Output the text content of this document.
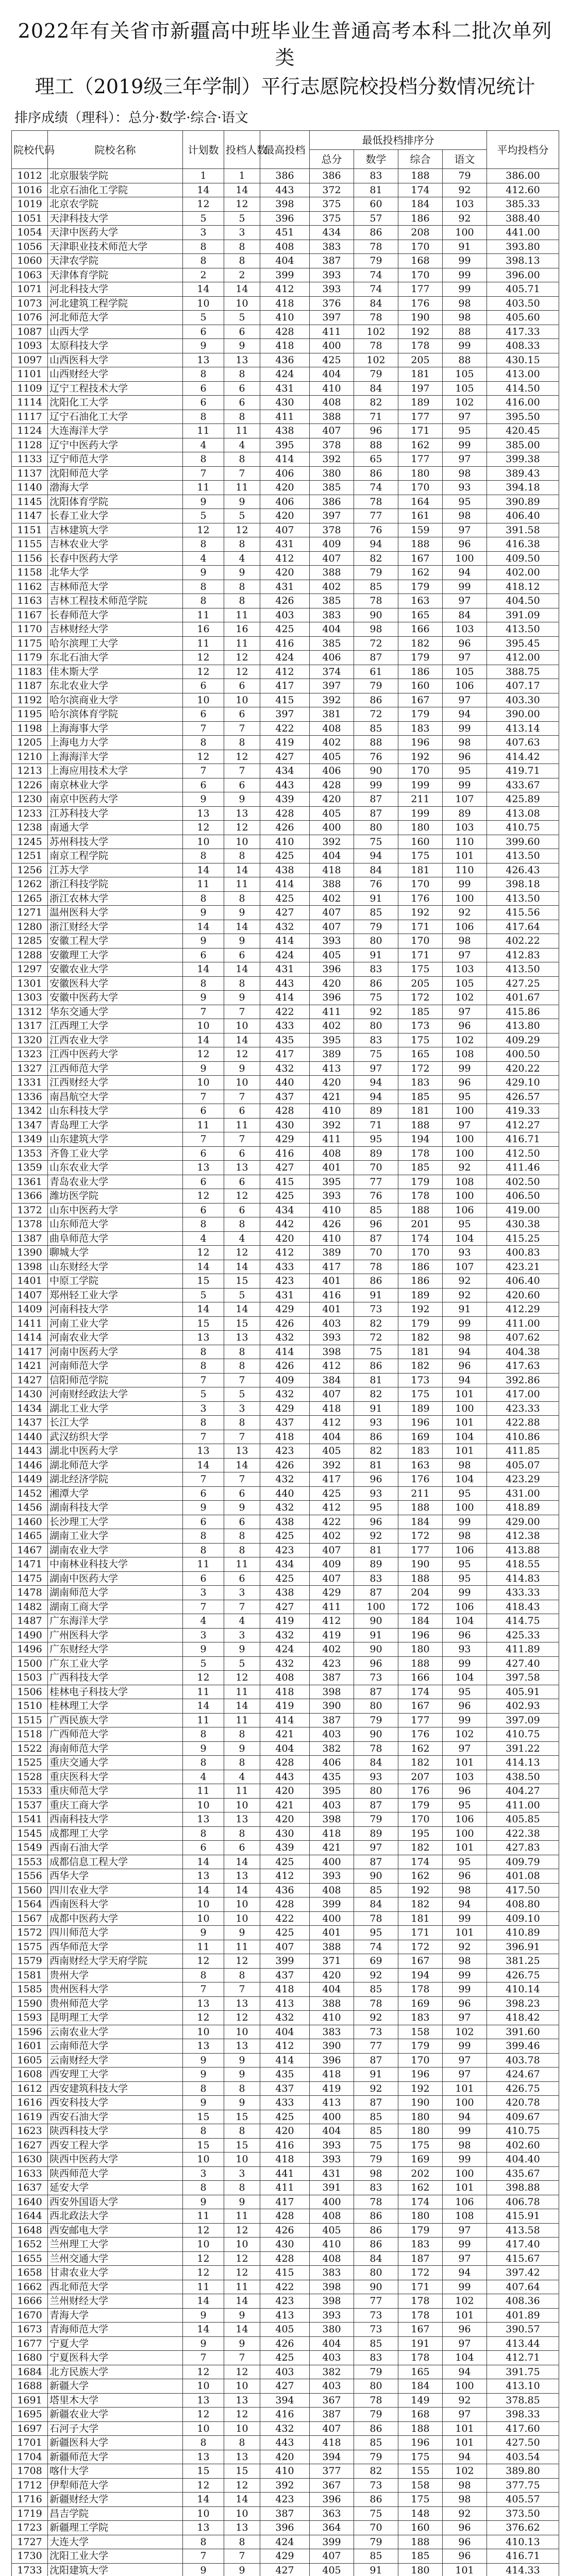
2022年有关省市新疆高中班毕业生普通高考本科二批次单列类
理工（2019级三年学制）平行志愿院校投档分数情况统计
排序成绩（理科）：总分·数学·综合·语文
院校代码	院校名称	计划数	投档人数	最高投档	最低投档排序分				平均投档分
					总分	数学	综合	语文	
1012	北京服装学院	1	1	386	386	83	188	79	386.00
1016	北京石油化工学院	14	14	443	372	81	174	92	412.60
1019	北京农学院	12	12	398	375	60	184	103	385.33
1051	天津科技大学	5	5	396	375	57	186	92	388.40
1054	天津中医药大学	3	3	451	434	86	208	100	441.00
1056	天津职业技术师范大学	8	8	408	383	78	170	91	393.80
1060	天津农学院	8	8	404	387	79	168	99	398.13
1063	天津体育学院	2	2	399	393	74	170	99	396.00
1071	河北科技大学	14	14	412	393	74	177	99	405.71
1073	河北建筑工程学院	10	10	418	376	84	176	98	403.50
1076	河北师范大学	5	5	410	397	78	190	98	405.60
1087	山西大学	6	6	428	411	102	192	88	417.33
1093	太原科技大学	9	9	418	400	78	178	99	408.33
1097	山西医科大学	13	13	436	425	102	205	88	430.15
1101	山西财经大学	8	8	424	404	79	181	105	413.00
1109	辽宁工程技术大学	6	6	431	410	84	197	105	414.50
1114	沈阳化工大学	6	6	430	408	82	189	102	416.00
1117	辽宁石油化工大学	8	8	411	388	71	177	97	395.50
1124	大连海洋大学	11	11	438	407	96	171	95	420.45
1128	辽宁中医药大学	4	4	395	378	88	162	99	385.00
1133	辽宁师范大学	8	8	414	392	65	177	97	399.38
1137	沈阳师范大学	7	7	406	380	86	180	98	389.43
1140	渤海大学	11	11	420	385	74	170	93	394.18
1145	沈阳体育学院	9	9	406	386	78	164	95	390.89
1147	长春工业大学	5	5	420	397	77	161	98	406.40
1151	吉林建筑大学	12	12	407	378	76	159	97	391.58
1155	吉林农业大学	8	8	431	409	94	188	96	416.38
1156	长春中医药大学	4	4	412	407	82	167	100	409.50
1158	北华大学	9	9	420	388	79	162	94	402.00
1162	吉林师范大学	8	8	431	402	85	179	99	418.12
1163	吉林工程技术师范学院	8	8	426	385	78	163	97	404.50
1167	长春师范大学	11	11	403	383	90	165	84	391.09
1170	吉林财经大学	16	16	425	404	98	166	103	413.50
1175	哈尔滨理工大学	11	11	416	385	72	182	96	395.45
1179	东北石油大学	12	12	424	406	87	179	97	412.00
1183	佳木斯大学	12	12	412	374	61	186	105	388.75
1187	东北农业大学	6	6	417	397	79	160	106	407.17
1192	哈尔滨商业大学	10	10	415	392	86	167	97	403.30
1195	哈尔滨体育学院	6	6	397	381	72	179	94	390.00
1198	上海海事大学	7	7	422	408	85	183	99	413.14
1205	上海电力大学	8	8	419	402	88	196	98	407.63
1210	上海海洋大学	12	12	427	405	76	192	96	414.42
1213	上海应用技术大学	7	7	434	406	90	170	95	419.71
1226	南京林业大学	6	6	443	428	99	199	99	433.67
1230	南京中医药大学	9	9	439	420	87	211	107	425.89
1233	江苏科技大学	13	13	428	405	87	199	89	413.08
1238	南通大学	12	12	426	400	80	180	103	410.75
1245	苏州科技大学	10	10	410	392	75	160	110	399.60
1251	南京工程学院	8	8	425	404	94	175	101	413.50
1256	江苏大学	14	14	438	418	84	181	110	426.43
1262	浙江科技学院	11	11	414	388	76	170	99	398.18
1265	浙江农林大学	8	8	425	402	91	176	100	413.50
1271	温州医科大学	9	9	427	407	85	192	92	415.56
1280	浙江财经大学	14	14	432	407	79	171	106	417.64
1285	安徽工程大学	9	9	414	393	80	170	98	402.22
1288	安徽理工大学	6	6	424	405	91	171	97	412.83
1297	安徽农业大学	14	14	431	396	83	175	103	413.50
1301	安徽医科大学	8	8	443	420	86	205	105	427.25
1303	安徽中医药大学	9	9	414	396	75	172	102	401.67
1312	华东交通大学	7	7	422	411	92	185	97	415.86
1317	江西理工大学	10	10	433	402	80	173	96	413.80
1320	江西农业大学	14	14	435	395	83	175	102	409.29
1323	江西中医药大学	12	12	417	389	75	165	108	400.50
1327	江西师范大学	9	9	432	413	97	172	99	420.22
1331	江西财经大学	10	10	440	420	94	183	96	429.10
1336	南昌航空大学	7	7	437	421	94	185	95	426.57
1342	山东科技大学	6	6	428	410	89	181	100	419.33
1347	青岛理工大学	11	11	430	392	71	188	97	412.27
1349	山东建筑大学	7	7	429	411	95	194	100	416.71
1353	齐鲁工业大学	6	6	416	408	89	178	100	412.50
1359	山东农业大学	13	13	427	401	70	185	92	411.46
1361	青岛农业大学	6	6	415	395	77	179	108	402.50
1366	潍坊医学院	12	12	425	393	76	178	100	406.50
1372	山东中医药大学	6	6	434	410	85	188	106	419.00
1378	山东师范大学	8	8	442	426	96	201	95	430.38
1387	曲阜师范大学	4	4	420	410	87	174	104	415.25
1390	聊城大学	12	12	412	389	70	170	93	400.83
1398	山东财经大学	14	14	433	417	78	186	107	423.21
1401	中原工学院	15	15	423	401	86	186	92	406.40
1407	郑州轻工业大学	5	5	431	416	91	189	92	420.60
1409	河南科技大学	14	14	429	401	73	192	91	412.29
1411	河南工业大学	15	15	426	403	82	179	99	411.00
1414	河南农业大学	13	13	432	393	72	182	98	407.62
1417	河南中医药大学	8	8	414	398	75	181	94	404.38
1421	河南师范大学	8	8	426	412	86	182	96	417.63
1427	信阳师范学院	7	7	409	384	81	173	94	392.86
1430	河南财经政法大学	5	5	432	407	82	175	101	417.00
1434	湖北工业大学	3	3	429	418	91	189	100	423.33
1437	长江大学	8	8	437	412	93	196	101	422.88
1440	武汉纺织大学	7	7	418	404	86	169	104	410.86
1443	湖北中医药大学	13	13	423	405	82	183	101	411.85
1446	湖北师范大学	14	14	426	392	81	163	98	405.07
1449	湖北经济学院	7	7	432	417	96	176	104	423.29
1452	湘潭大学	6	6	440	425	93	211	95	431.00
1456	湖南科技大学	9	9	432	412	95	188	100	418.89
1460	长沙理工大学	6	6	438	422	96	184	99	429.00
1465	湖南工业大学	8	8	425	402	92	172	98	412.38
1467	湖南农业大学	8	8	423	407	81	177	106	413.88
1471	中南林业科技大学	11	11	434	409	89	190	95	418.55
1475	湖南中医药大学	6	6	425	407	83	188	95	414.83
1478	湖南师范大学	3	3	438	429	87	204	99	433.33
1482	湖南工商大学	7	7	427	411	100	172	106	418.43
1487	广东海洋大学	4	4	419	412	90	184	104	414.75
1490	广州医科大学	3	3	432	419	91	196	96	425.33
1496	广东财经大学	9	9	424	402	90	180	93	411.89
1500	广东工业大学	5	5	432	423	96	188	99	427.40
1503	广西科技大学	12	12	408	387	73	166	104	397.58
1506	桂林电子科技大学	11	11	418	398	87	174	95	405.91
1510	桂林理工大学	14	14	419	390	80	167	96	402.93
1515	广西民族大学	11	11	414	387	79	177	99	397.09
1518	广西师范大学	8	8	421	403	90	176	102	410.75
1522	海南师范大学	9	9	404	382	78	162	97	391.22
1525	重庆交通大学	8	8	428	406	84	182	101	414.13
1528	重庆医科大学	4	4	443	435	93	207	103	438.50
1533	重庆师范大学	11	11	420	395	80	176	96	404.27
1537	重庆工商大学	10	10	421	403	87	179	95	411.00
1541	西南科技大学	13	13	420	398	79	170	106	405.85
1545	成都理工大学	8	8	430	418	89	195	100	422.38
1549	西南石油大学	6	6	439	421	97	182	101	427.83
1553	成都信息工程大学	14	14	425	400	87	174	95	409.79
1556	西华大学	13	13	412	393	90	162	96	401.08
1560	四川农业大学	14	14	436	408	85	192	98	417.50
1564	西南医科大学	10	10	428	399	84	182	94	408.80
1567	成都中医药大学	10	10	422	400	78	181	99	409.10
1572	四川师范大学	9	9	425	401	95	171	101	410.89
1575	西华师范大学	11	11	407	388	74	172	92	396.91
1579	西南财经大学天府学院	12	12	399	371	69	167	98	381.25
1581	贵州大学	8	8	437	420	92	194	99	426.75
1585	贵州医科大学	7	7	418	404	85	178	99	410.14
1590	贵州师范大学	13	13	413	388	78	169	96	398.23
1593	昆明理工大学	12	12	432	410	92	183	97	418.42
1596	云南农业大学	10	10	404	383	73	158	102	391.60
1601	云南师范大学	13	13	412	390	77	179	99	399.46
1605	云南财经大学	9	9	414	396	87	170	97	403.78
1608	西安理工大学	9	9	435	418	91	196	97	424.67
1612	西安建筑科技大学	8	8	437	419	92	192	101	426.75
1616	西安科技大学	9	9	433	413	87	190	100	420.78
1619	西安石油大学	15	15	425	400	85	180	94	409.67
1623	陕西科技大学	8	8	420	404	85	180	99	410.75
1627	西安工程大学	15	15	416	393	75	175	98	402.60
1630	陕西中医药大学	10	10	418	393	79	169	99	404.40
1633	陕西师范大学	3	3	441	431	98	202	100	435.67
1637	延安大学	8	8	411	391	83	162	101	398.88
1640	西安外国语大学	9	9	417	400	78	174	106	406.78
1644	西北政法大学	11	11	428	408	86	180	108	415.91
1648	西安邮电大学	12	12	426	405	86	179	97	413.58
1652	兰州理工大学	10	10	430	410	86	183	99	417.40
1655	兰州交通大学	12	12	428	408	84	187	97	415.67
1658	甘肃农业大学	12	12	415	383	80	172	94	397.42
1662	西北师范大学	11	11	422	398	90	171	99	407.64
1666	兰州财经大学	14	14	423	398	77	178	102	408.36
1670	青海大学	9	9	413	393	73	178	101	401.89
1673	青海师范大学	14	14	405	380	73	167	96	390.57
1677	宁夏大学	9	9	426	404	85	191	97	413.44
1680	宁夏医科大学	7	7	425	403	83	178	104	412.71
1684	北方民族大学	12	12	403	382	79	165	94	391.75
1688	新疆大学	10	10	427	403	80	184	100	413.10
1691	塔里木大学	13	13	394	367	78	149	92	378.85
1695	新疆农业大学	12	12	416	387	79	168	97	398.33
1697	石河子大学	10	10	432	407	86	188	101	417.60
1701	新疆医科大学	8	8	443	418	85	196	101	427.50
1704	新疆师范大学	13	13	420	394	79	175	94	403.54
1708	喀什大学	15	15	410	377	82	155	102	389.80
1712	伊犁师范大学	12	12	392	367	73	158	98	377.75
1716	新疆财经大学	14	14	423	396	86	175	98	405.57
1719	昌吉学院	10	10	387	363	75	148	92	373.50
1723	新疆理工学院	13	13	396	364	70	160	96	376.62
1727	大连大学	8	8	424	399	79	188	96	410.13
1730	沈阳工业大学	7	7	429	407	85	185	96	416.71
1733	沈阳建筑大学	9	9	427	405	91	180	101	414.33
